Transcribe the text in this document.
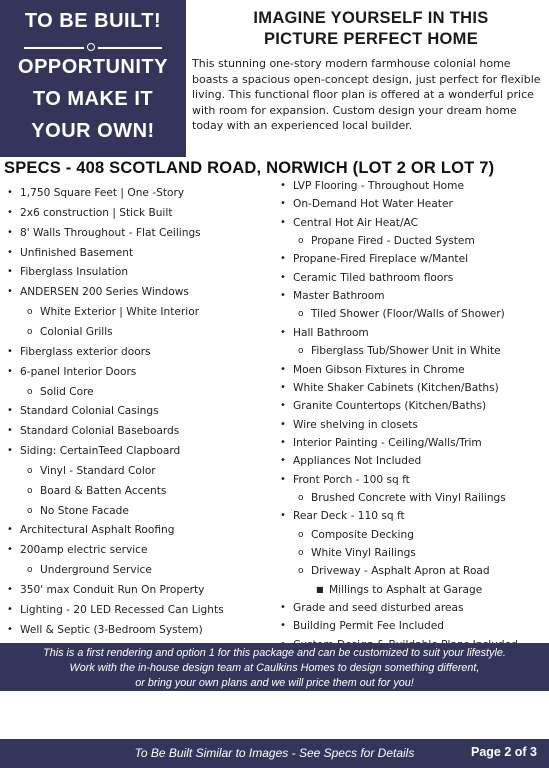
TO BE BUILT!
OPPORTUNITY
TO MAKE IT
YOUR OWN!
IMAGINE YOURSELF IN THIS
PICTURE PERFECT HOME
This stunning one-story modern farmhouse colonial home boasts a spacious open-concept design, just perfect for flexible living. This functional floor plan is offered at a wonderful price with room for expansion. Custom design your dream home today with an experienced local builder.
SPECS - 408 SCOTLAND ROAD, NORWICH (LOT 2 OR LOT 7)
• 1,750 Square Feet | One -Story
• 2x6 construction | Stick Built
• 8' Walls Throughout - Flat Ceilings
• Unfinished Basement
• Fiberglass Insulation
• ANDERSEN 200 Series Windows
o White Exterior | White Interior
o Colonial Grills
• Fiberglass exterior doors
• 6-panel Interior Doors
o Solid Core
• Standard Colonial Casings
• Standard Colonial Baseboards
• Siding: CertainTeed Clapboard
o Vinyl - Standard Color
o Board & Batten Accents
o No Stone Facade
• Architectural Asphalt Roofing
• 200amp electric service
o Underground Service
• 350' max Conduit Run On Property
• Lighting - 20 LED Recessed Can Lights
• Well & Septic (3-Bedroom System)
• LVP Flooring - Throughout Home
• On-Demand Hot Water Heater
• Central Hot Air Heat/AC
o Propane Fired - Ducted System
• Propane-Fired Fireplace w/Mantel
• Ceramic Tiled bathroom floors
• Master Bathroom
o Tiled Shower (Floor/Walls of Shower)
• Hall Bathroom
o Fiberglass Tub/Shower Unit in White
• Moen Gibson Fixtures in Chrome
• White Shaker Cabinets (Kitchen/Baths)
• Granite Countertops (Kitchen/Baths)
• Wire shelving in closets
• Interior Painting - Ceiling/Walls/Trim
• Appliances Not Included
• Front Porch - 100 sq ft
o Brushed Concrete with Vinyl Railings
• Rear Deck - 110 sq ft
o Composite Decking
o White Vinyl Railings
o Driveway - Asphalt Apron at Road
■ Millings to Asphalt at Garage
• Grade and seed disturbed areas
• Building Permit Fee Included
This is a first rendering and option 1 for this package and can be customized to suit your lifestyle.
Work with the in-house design team at Caulkins Homes to design something different,
or bring your own plans and we will price them out for you!
To Be Built Similar to Images - See Specs for Details	Page 2 of 3
